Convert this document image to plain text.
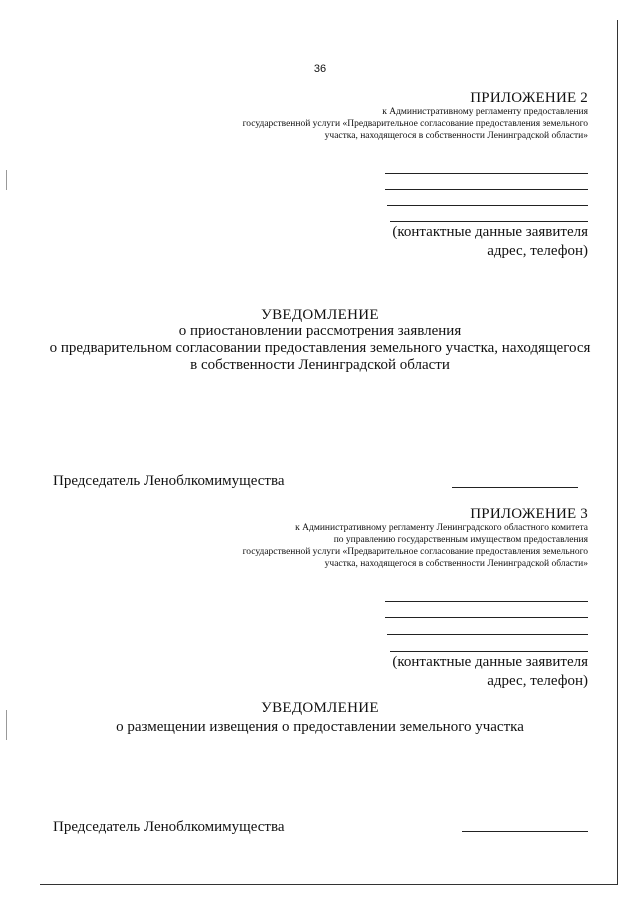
36
ПРИЛОЖЕНИЕ 2
к Административному регламенту предоставления
государственной услуги «Предварительное согласование предоставления земельного
участка, находящегося в собственности Ленинградской области»
(контактные данные заявителя
адрес, телефон)
УВЕДОМЛЕНИЕ
о приостановлении рассмотрения заявления
о предварительном согласовании предоставления земельного участка, находящегося
в собственности Ленинградской области
Председатель Леноблкомимущества
ПРИЛОЖЕНИЕ 3
к Административному регламенту Ленинградского областного комитета
по управлению государственным имуществом предоставления
государственной услуги «Предварительное согласование предоставления земельного
участка, находящегося в собственности Ленинградской области»
(контактные данные заявителя
адрес, телефон)
УВЕДОМЛЕНИЕ
о размещении извещения о предоставлении земельного участка
Председатель Леноблкомимущества
